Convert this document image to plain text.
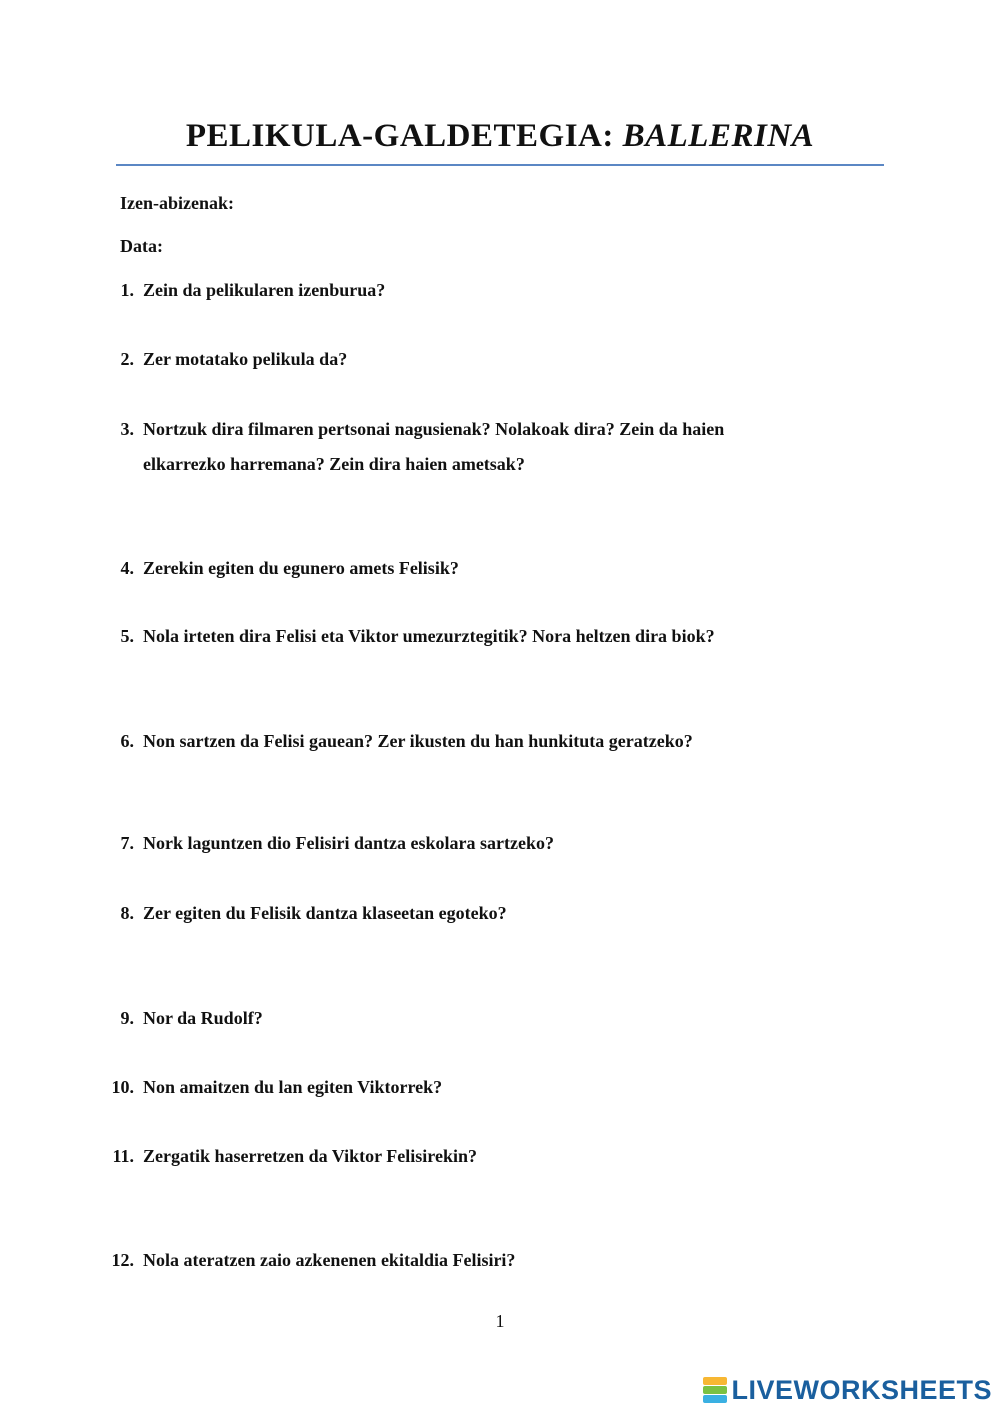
PELIKULA-GALDETEGIA: BALLERINA
Izen-abizenak:
Data:
1. Zein da pelikularen izenburua?
2. Zer motatako pelikula da?
3. Nortzuk dira filmaren pertsonai nagusienak? Nolakoak dira? Zein da haien
elkarrezko harremana? Zein dira haien ametsak?
4. Zerekin egiten du egunero amets Felisik?
5. Nola irteten dira Felisi eta Viktor umezurztegitik? Nora heltzen dira biok?
6. Non sartzen da Felisi gauean? Zer ikusten du han hunkituta geratzeko?
7. Nork laguntzen dio Felisiri dantza eskolara sartzeko?
8. Zer egiten du Felisik dantza klaseetan egoteko?
9. Nor da Rudolf?
10. Non amaitzen du lan egiten Viktorrek?
11. Zergatik haserretzen da Viktor Felisirekin?
12. Nola ateratzen zaio azkenenen ekitaldia Felisiri?
1
LIVEWORKSHEETS
